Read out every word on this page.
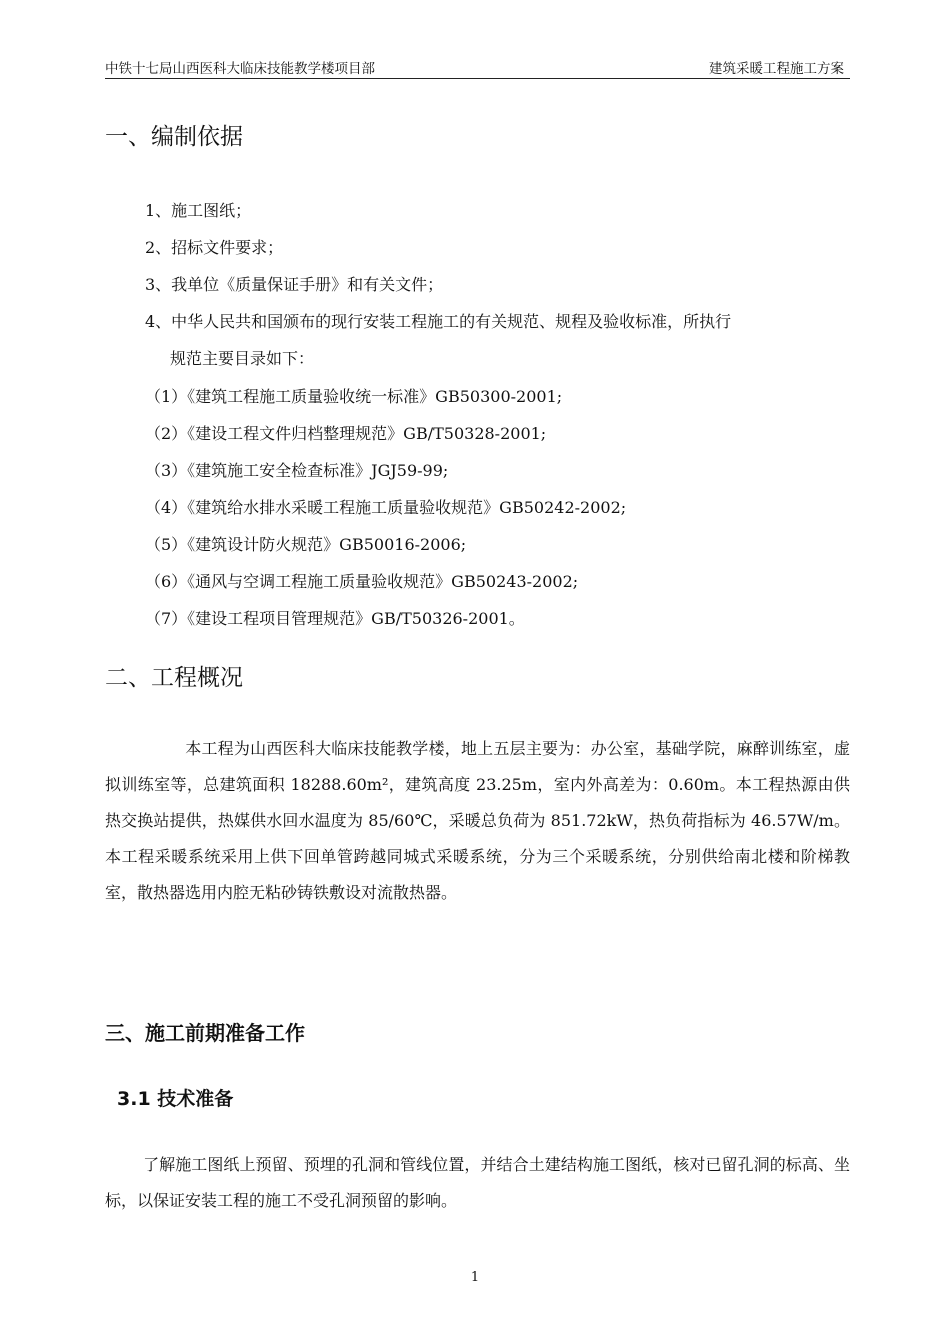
中铁十七局山西医科大临床技能教学楼项目部	建筑采暖工程施工方案
一、编制依据
1、施工图纸；
2、招标文件要求；
3、我单位《质量保证手册》和有关文件；
4、中华人民共和国颁布的现行安装工程施工的有关规范、规程及验收标准，所执行
规范主要目录如下：
（1）《建筑工程施工质量验收统一标准》GB50300-2001;
（2）《建设工程文件归档整理规范》GB/T50328-2001;
（3）《建筑施工安全检查标准》JGJ59-99;
（4）《建筑给水排水采暖工程施工质量验收规范》GB50242-2002;
（5）《建筑设计防火规范》GB50016-2006;
（6）《通风与空调工程施工质量验收规范》GB50243-2002;
（7）《建设工程项目管理规范》GB/T50326-2001。
二、工程概况
本工程为山西医科大临床技能教学楼，地上五层主要为：办公室，基础学院，麻醉训练室，虚拟训练室等，总建筑面积 18288.60m²，建筑高度 23.25m，室内外高差为：0.60m。本工程热源由供热交换站提供，热媒供水回水温度为 85/60℃，采暖总负荷为 851.72kW，热负荷指标为 46.57W/m。本工程采暖系统采用上供下回单管跨越同城式采暖系统，分为三个采暖系统，分别供给南北楼和阶梯教室，散热器选用内腔无粘砂铸铁敷设对流散热器。
三、施工前期准备工作
3.1 技术准备
了解施工图纸上预留、预埋的孔洞和管线位置，并结合土建结构施工图纸，核对已留孔洞的标高、坐标，以保证安装工程的施工不受孔洞预留的影响。
1
